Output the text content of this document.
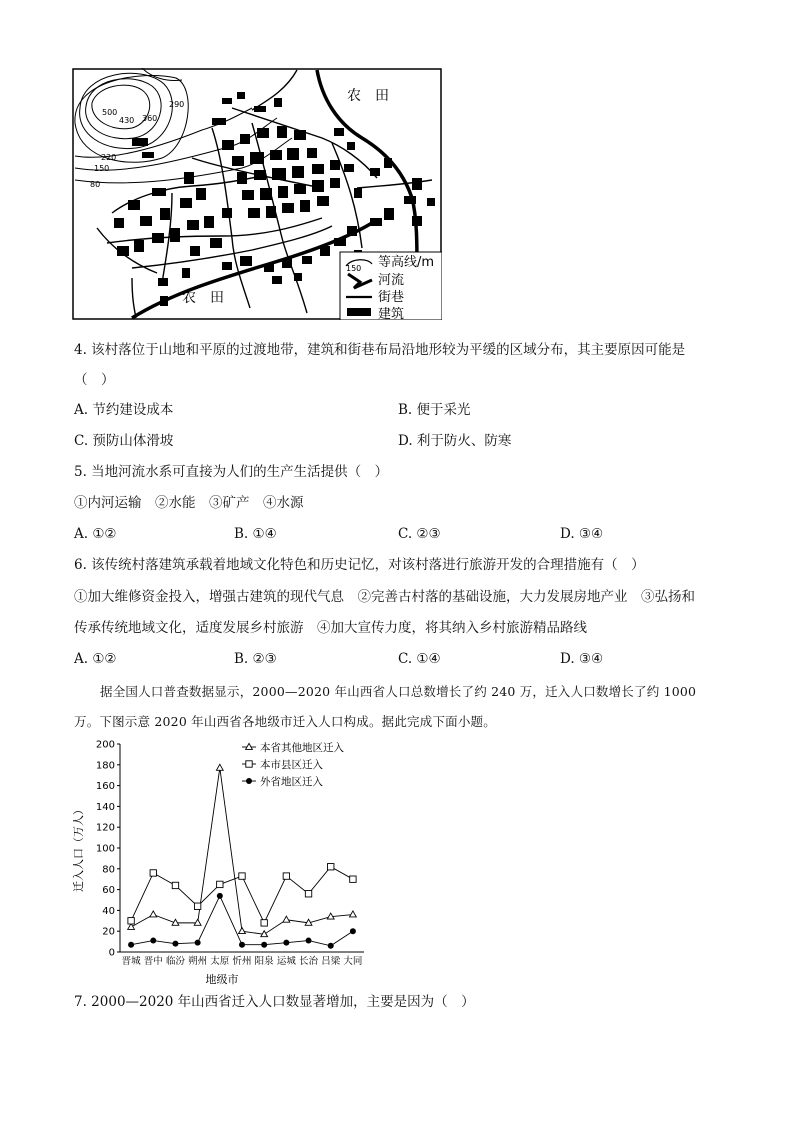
500
430 360
290
220
150
80
农　田
农　田
150 等高线/m
河流
街巷
建筑
4. 该村落位于山地和平原的过渡地带，建筑和街巷布局沿地形较为平缓的区域分布，其主要原因可能是
（　）
A. 节约建设成本	B. 便于采光
C. 预防山体滑坡	D. 利于防火、防寒
5. 当地河流水系可直接为人们的生产生活提供（　）
①内河运输　②水能　③矿产　④水源
A. ①②	B. ①④	C. ②③	D. ③④
6. 该传统村落建筑承载着地域文化特色和历史记忆，对该村落进行旅游开发的合理措施有（　）
①加大维修资金投入，增强古建筑的现代气息　②完善古村落的基础设施，大力发展房地产业　③弘扬和
传承传统地域文化，适度发展乡村旅游　④加大宣传力度，将其纳入乡村旅游精品路线
A. ①②	B. ②③	C. ①④	D. ③④
据全国人口普查数据显示，2000—2020 年山西省人口总数增长了约 240 万，迁入人口数增长了约 1000
万。下图示意 2020 年山西省各地级市迁入人口构成。据此完成下面小题。
0
20
40
60
80
100
120
140
160
180
200
晋城 晋中 临汾 朔州 太原 忻州 阳泉 运城 长治 吕梁 大同
迁入人口（万人）
地级市
本省其他地区迁入
本市县区迁入
外省地区迁入
7. 2000—2020 年山西省迁入人口数显著增加，主要是因为（　）
